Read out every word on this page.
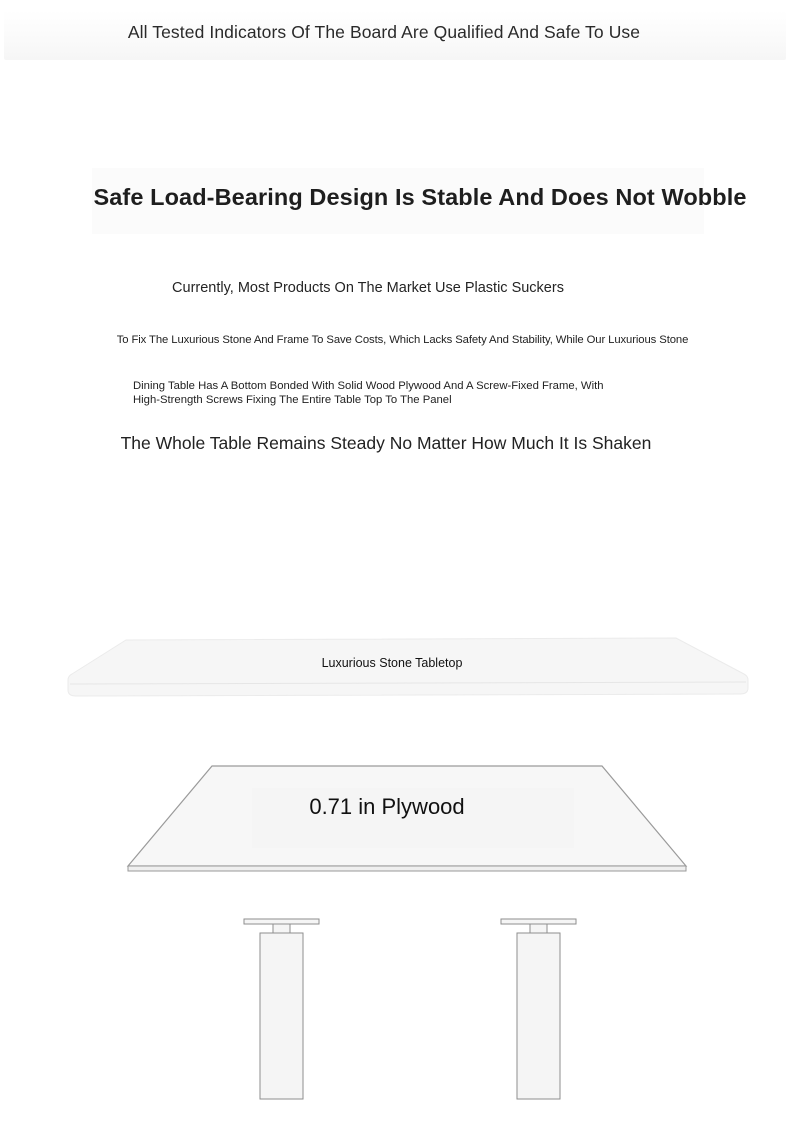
All Tested Indicators Of The Board Are Qualified And Safe To Use
Safe Load-Bearing Design Is Stable And Does Not Wobble
Currently, Most Products On The Market Use Plastic Suckers
To Fix The Luxurious Stone And Frame To Save Costs, Which Lacks Safety And Stability, While Our Luxurious Stone
Dining Table Has A Bottom Bonded With Solid Wood Plywood And A Screw-Fixed Frame, With
High-Strength Screws Fixing The Entire Table Top To The Panel
The Whole Table Remains Steady No Matter How Much It Is Shaken
Luxurious Stone Tabletop
0.71 in Plywood
